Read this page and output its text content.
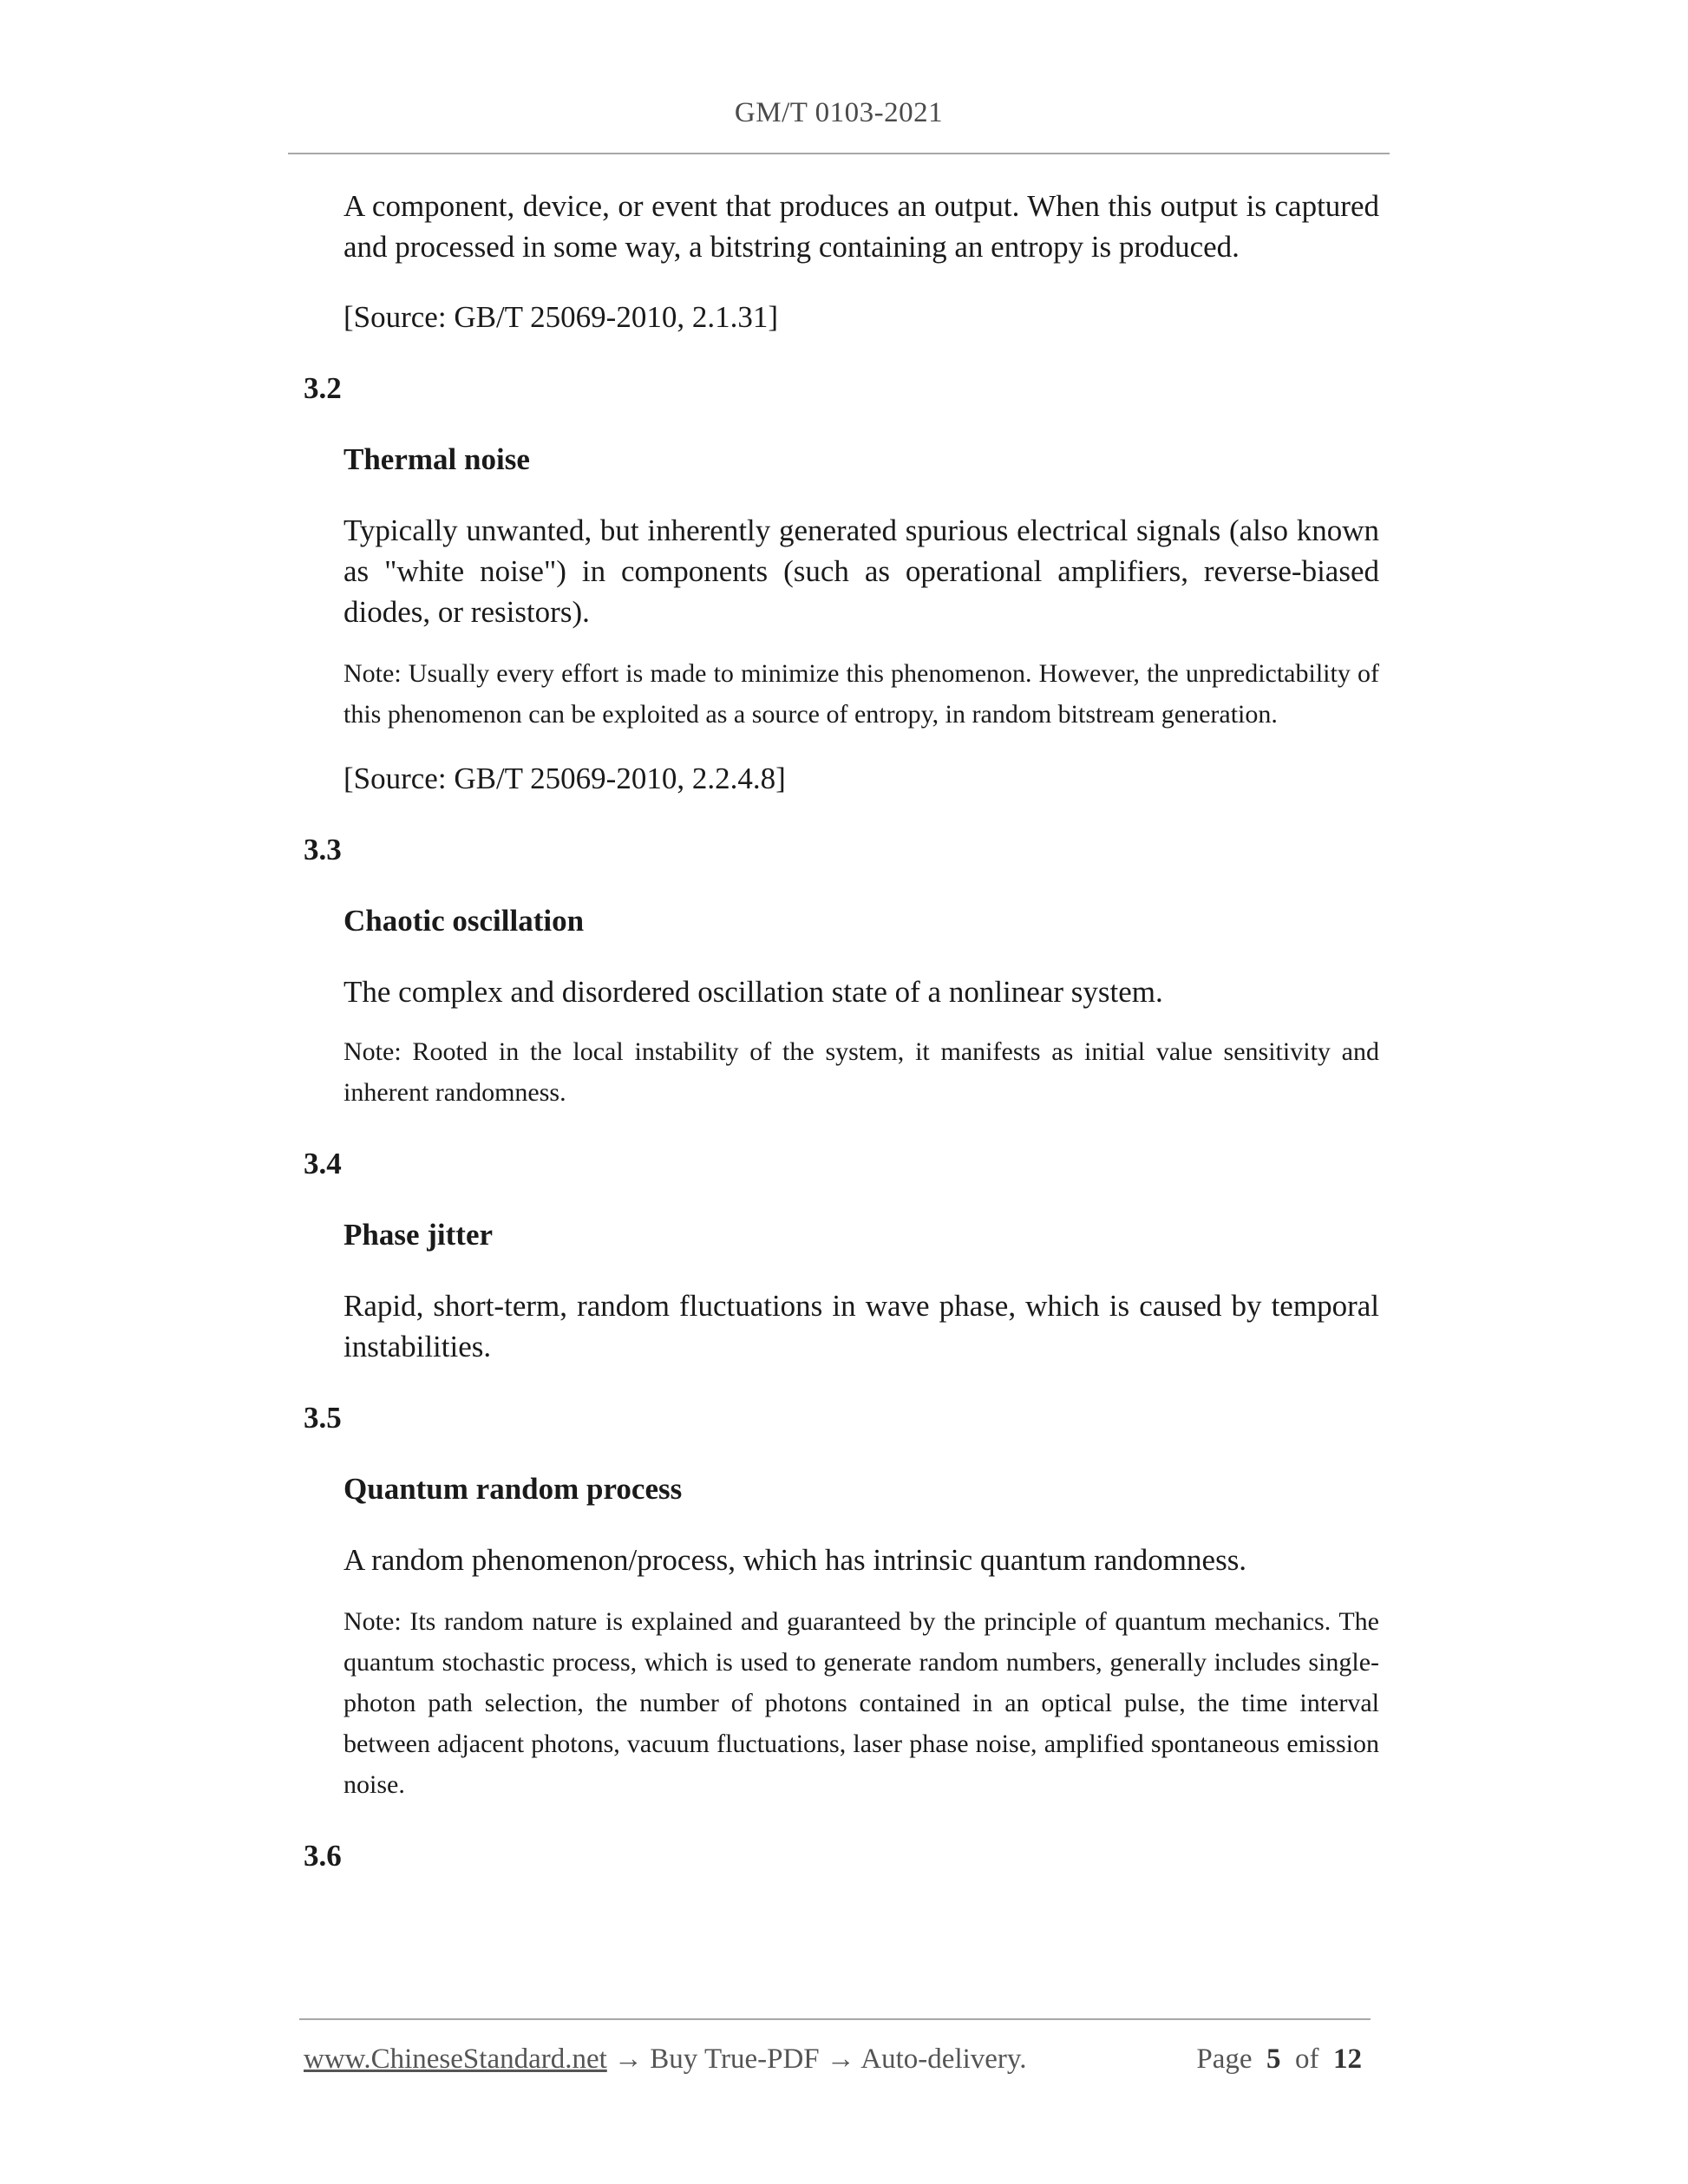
GM/T 0103-2021

A component, device, or event that produces an output. When this output is captured and processed in some way, a bitstring containing an entropy is produced.

[Source: GB/T 25069-2010, 2.1.31]

3.2

Thermal noise

Typically unwanted, but inherently generated spurious electrical signals (also known as "white noise") in components (such as operational amplifiers, reverse-biased diodes, or resistors).

Note: Usually every effort is made to minimize this phenomenon. However, the unpredictability of this phenomenon can be exploited as a source of entropy, in random bitstream generation.

[Source: GB/T 25069-2010, 2.2.4.8]

3.3

Chaotic oscillation

The complex and disordered oscillation state of a nonlinear system.

Note: Rooted in the local instability of the system, it manifests as initial value sensitivity and inherent randomness.

3.4

Phase jitter

Rapid, short-term, random fluctuations in wave phase, which is caused by temporal instabilities.

3.5

Quantum random process

A random phenomenon/process, which has intrinsic quantum randomness.

Note: Its random nature is explained and guaranteed by the principle of quantum mechanics. The quantum stochastic process, which is used to generate random numbers, generally includes single-photon path selection, the number of photons contained in an optical pulse, the time interval between adjacent photons, vacuum fluctuations, laser phase noise, amplified spontaneous emission noise.

3.6

www.ChineseStandard.net → Buy True-PDF → Auto-delivery.	Page 5 of 12
